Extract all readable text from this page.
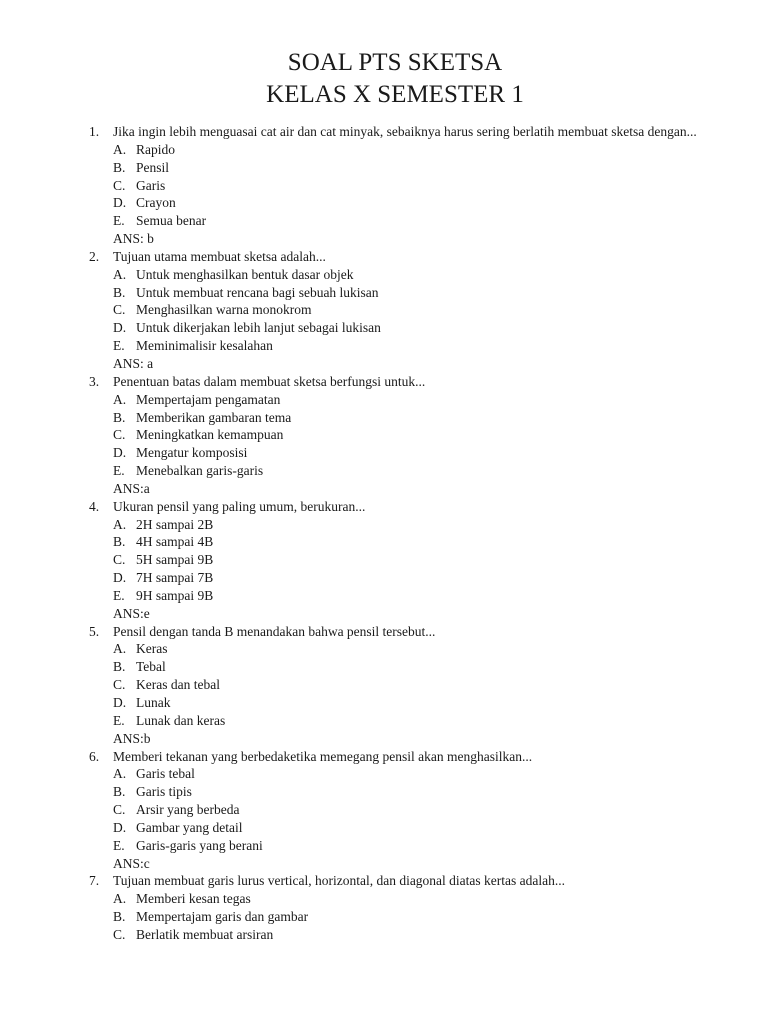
SOAL PTS SKETSA
KELAS X SEMESTER 1
1. Jika ingin lebih menguasai cat air dan cat minyak, sebaiknya harus sering berlatih membuat sketsa dengan...
A. Rapido
B. Pensil
C. Garis
D. Crayon
E. Semua benar
ANS: b
2. Tujuan utama membuat sketsa adalah...
A. Untuk menghasilkan bentuk dasar objek
B. Untuk membuat rencana bagi sebuah lukisan
C. Menghasilkan warna monokrom
D. Untuk dikerjakan lebih lanjut sebagai lukisan
E. Meminimalisir kesalahan
ANS: a
3. Penentuan batas dalam membuat sketsa berfungsi untuk...
A. Mempertajam pengamatan
B. Memberikan gambaran tema
C. Meningkatkan kemampuan
D. Mengatur komposisi
E. Menebalkan garis-garis
ANS:a
4. Ukuran pensil yang paling umum, berukuran...
A. 2H sampai 2B
B. 4H sampai 4B
C. 5H sampai 9B
D. 7H sampai 7B
E. 9H sampai 9B
ANS:e
5. Pensil dengan tanda B menandakan bahwa pensil tersebut...
A. Keras
B. Tebal
C. Keras dan tebal
D. Lunak
E. Lunak dan keras
ANS:b
6. Memberi tekanan yang berbedaketika memegang pensil akan menghasilkan...
A. Garis tebal
B. Garis tipis
C. Arsir yang berbeda
D. Gambar yang detail
E. Garis-garis yang berani
ANS:c
7. Tujuan membuat garis lurus vertical, horizontal, dan diagonal diatas kertas adalah...
A. Memberi kesan tegas
B. Mempertajam garis dan gambar
C. Berlatik membuat arsiran
